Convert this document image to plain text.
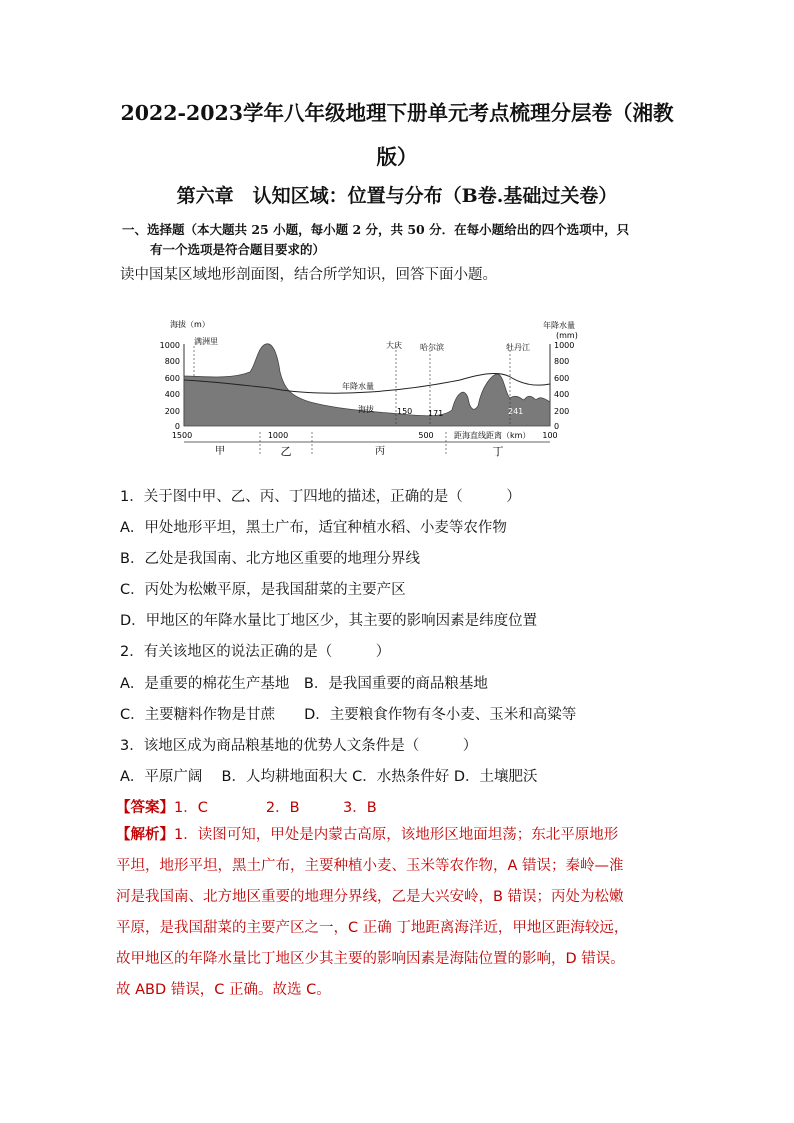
2022-2023学年八年级地理下册单元考点梳理分层卷（湘教
版）
第六章　认知区域：位置与分布（B卷.基础过关卷）
一、选择题（本大题共 25 小题，每小题 2 分，共 50 分．在每小题给出的四个选项中，只
有一个选项是符合题目要求的）
读中国某区域地形剖面图，结合所学知识，回答下面小题。
海拔（m）
1000
800
600
400
200
0
年降水量
(mm)
1000
800
600
400
200
0
满洲里	大庆 哈尔滨	牡丹江
666
150 171	241
年降水量
海拔
1500	1000	500	100
距海直线距离（km）
甲	乙	丙	丁
1．关于图中甲、乙、丙、丁四地的描述，正确的是（　　　）
A．甲处地形平坦，黑土广布，适宜种植水稻、小麦等农作物
B．乙处是我国南、北方地区重要的地理分界线
C．丙处为松嫩平原，是我国甜菜的主要产区
D．甲地区的年降水量比丁地区少，其主要的影响因素是纬度位置
2．有关该地区的说法正确的是（　　　）
A．是重要的棉花生产基地　B．是我国重要的商品粮基地
C．主要糖料作物是甘蔗　　D．主要粮食作物有冬小麦、玉米和高粱等
3．该地区成为商品粮基地的优势人文条件是（　　　）
A．平原广阔　 B．人均耕地面积大 C．水热条件好 D．土壤肥沃
【答案】1．C　　　　2．B　　　3．B

【解析】1．读图可知，甲处是内蒙古高原，该地形区地面坦荡；东北平原地形

平坦，地形平坦，黑土广布，主要种植小麦、玉米等农作物，A 错误；秦岭—淮

河是我国南、北方地区重要的地理分界线，乙是大兴安岭，B 错误；丙处为松嫩

平原，是我国甜菜的主要产区之一，C 正确 丁地距离海洋近，甲地区距海较远，

故甲地区的年降水量比丁地区少其主要的影响因素是海陆位置的影响，D 错误。

故 ABD 错误，C 正确。故选 C。
